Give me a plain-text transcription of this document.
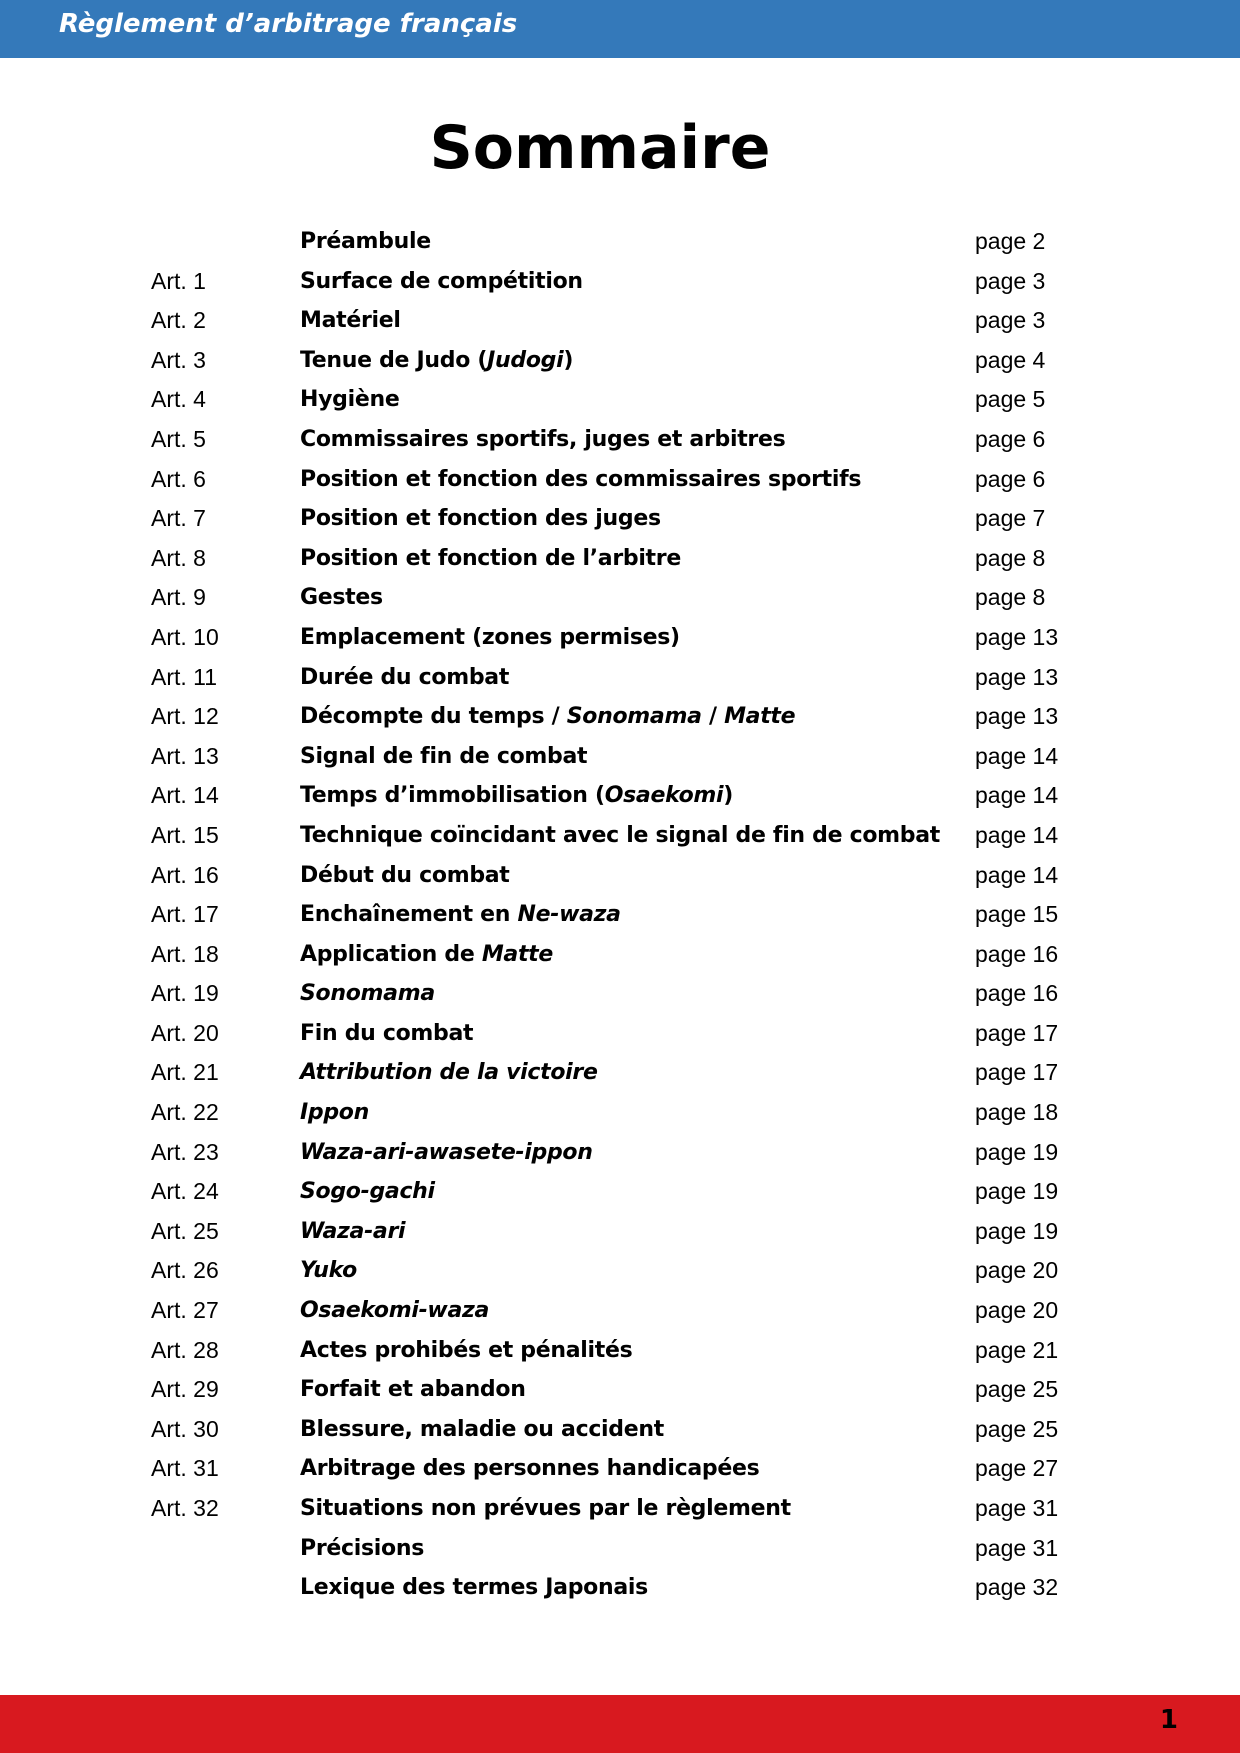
Règlement d’arbitrage français
Sommaire
Préambule	page 2
Art. 1	Surface de compétition	page 3
Art. 2	Matériel	page 3
Art. 3	Tenue de Judo (Judogi)	page 4
Art. 4	Hygiène	page 5
Art. 5	Commissaires sportifs, juges et arbitres	page 6
Art. 6	Position et fonction des commissaires sportifs	page 6
Art. 7	Position et fonction des juges	page 7
Art. 8	Position et fonction de l’arbitre	page 8
Art. 9	Gestes	page 8
Art. 10	Emplacement (zones permises)	page 13
Art. 11	Durée du combat	page 13
Art. 12	Décompte du temps / Sonomama / Matte	page 13
Art. 13	Signal de fin de combat	page 14
Art. 14	Temps d’immobilisation (Osaekomi)	page 14
Art. 15	Technique coïncidant avec le signal de fin de combat page 14
Art. 16	Début du combat	page 14
Art. 17	Enchaînement en Ne-waza	page 15
Art. 18	Application de Matte	page 16
Art. 19	Sonomama	page 16
Art. 20	Fin du combat	page 17
Art. 21	Attribution de la victoire	page 17
Art. 22	Ippon	page 18
Art. 23	Waza-ari-awasete-ippon	page 19
Art. 24	Sogo-gachi	page 19
Art. 25	Waza-ari	page 19
Art. 26	Yuko	page 20
Art. 27	Osaekomi-waza	page 20
Art. 28	Actes prohibés et pénalités	page 21
Art. 29	Forfait et abandon	page 25
Art. 30	Blessure, maladie ou accident	page 25
Art. 31	Arbitrage des personnes handicapées	page 27
Art. 32	Situations non prévues par le règlement	page 31
Précisions	page 31
Lexique des termes Japonais	page 32
1
